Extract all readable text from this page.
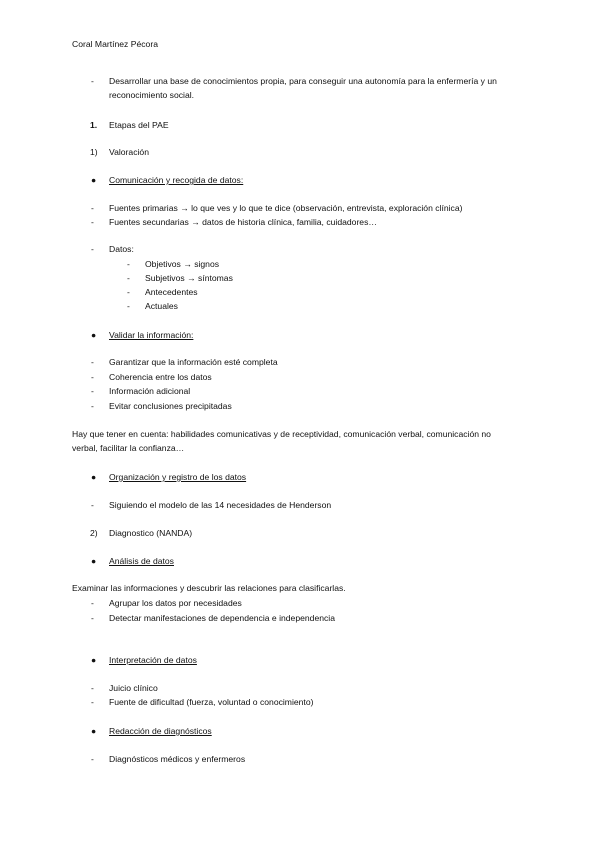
Coral Martínez Pécora
- Desarrollar una base de conocimientos propia, para conseguir una autonomía para la enfermería y un
reconocimiento social.
1. Etapas del PAE
1) Valoración
● Comunicación y recogida de datos:
- Fuentes primarias → lo que ves y lo que te dice (observación, entrevista, exploración clínica)
- Fuentes secundarias → datos de historia clínica, familia, cuidadores…
- Datos:
- Objetivos → signos
- Subjetivos → síntomas
- Antecedentes
- Actuales
● Validar la información:
- Garantizar que la información esté completa
- Coherencia entre los datos
- Información adicional
- Evitar conclusiones precipitadas
Hay que tener en cuenta: habilidades comunicativas y de receptividad, comunicación verbal, comunicación no
verbal, facilitar la confianza…
● Organización y registro de los datos
- Siguiendo el modelo de las 14 necesidades de Henderson
2) Diagnostico (NANDA)
● Análisis de datos
Examinar las informaciones y descubrir las relaciones para clasificarlas.
- Agrupar los datos por necesidades
- Detectar manifestaciones de dependencia e independencia
● Interpretación de datos
- Juicio clínico
- Fuente de dificultad (fuerza, voluntad o conocimiento)
● Redacción de diagnósticos
- Diagnósticos médicos y enfermeros
